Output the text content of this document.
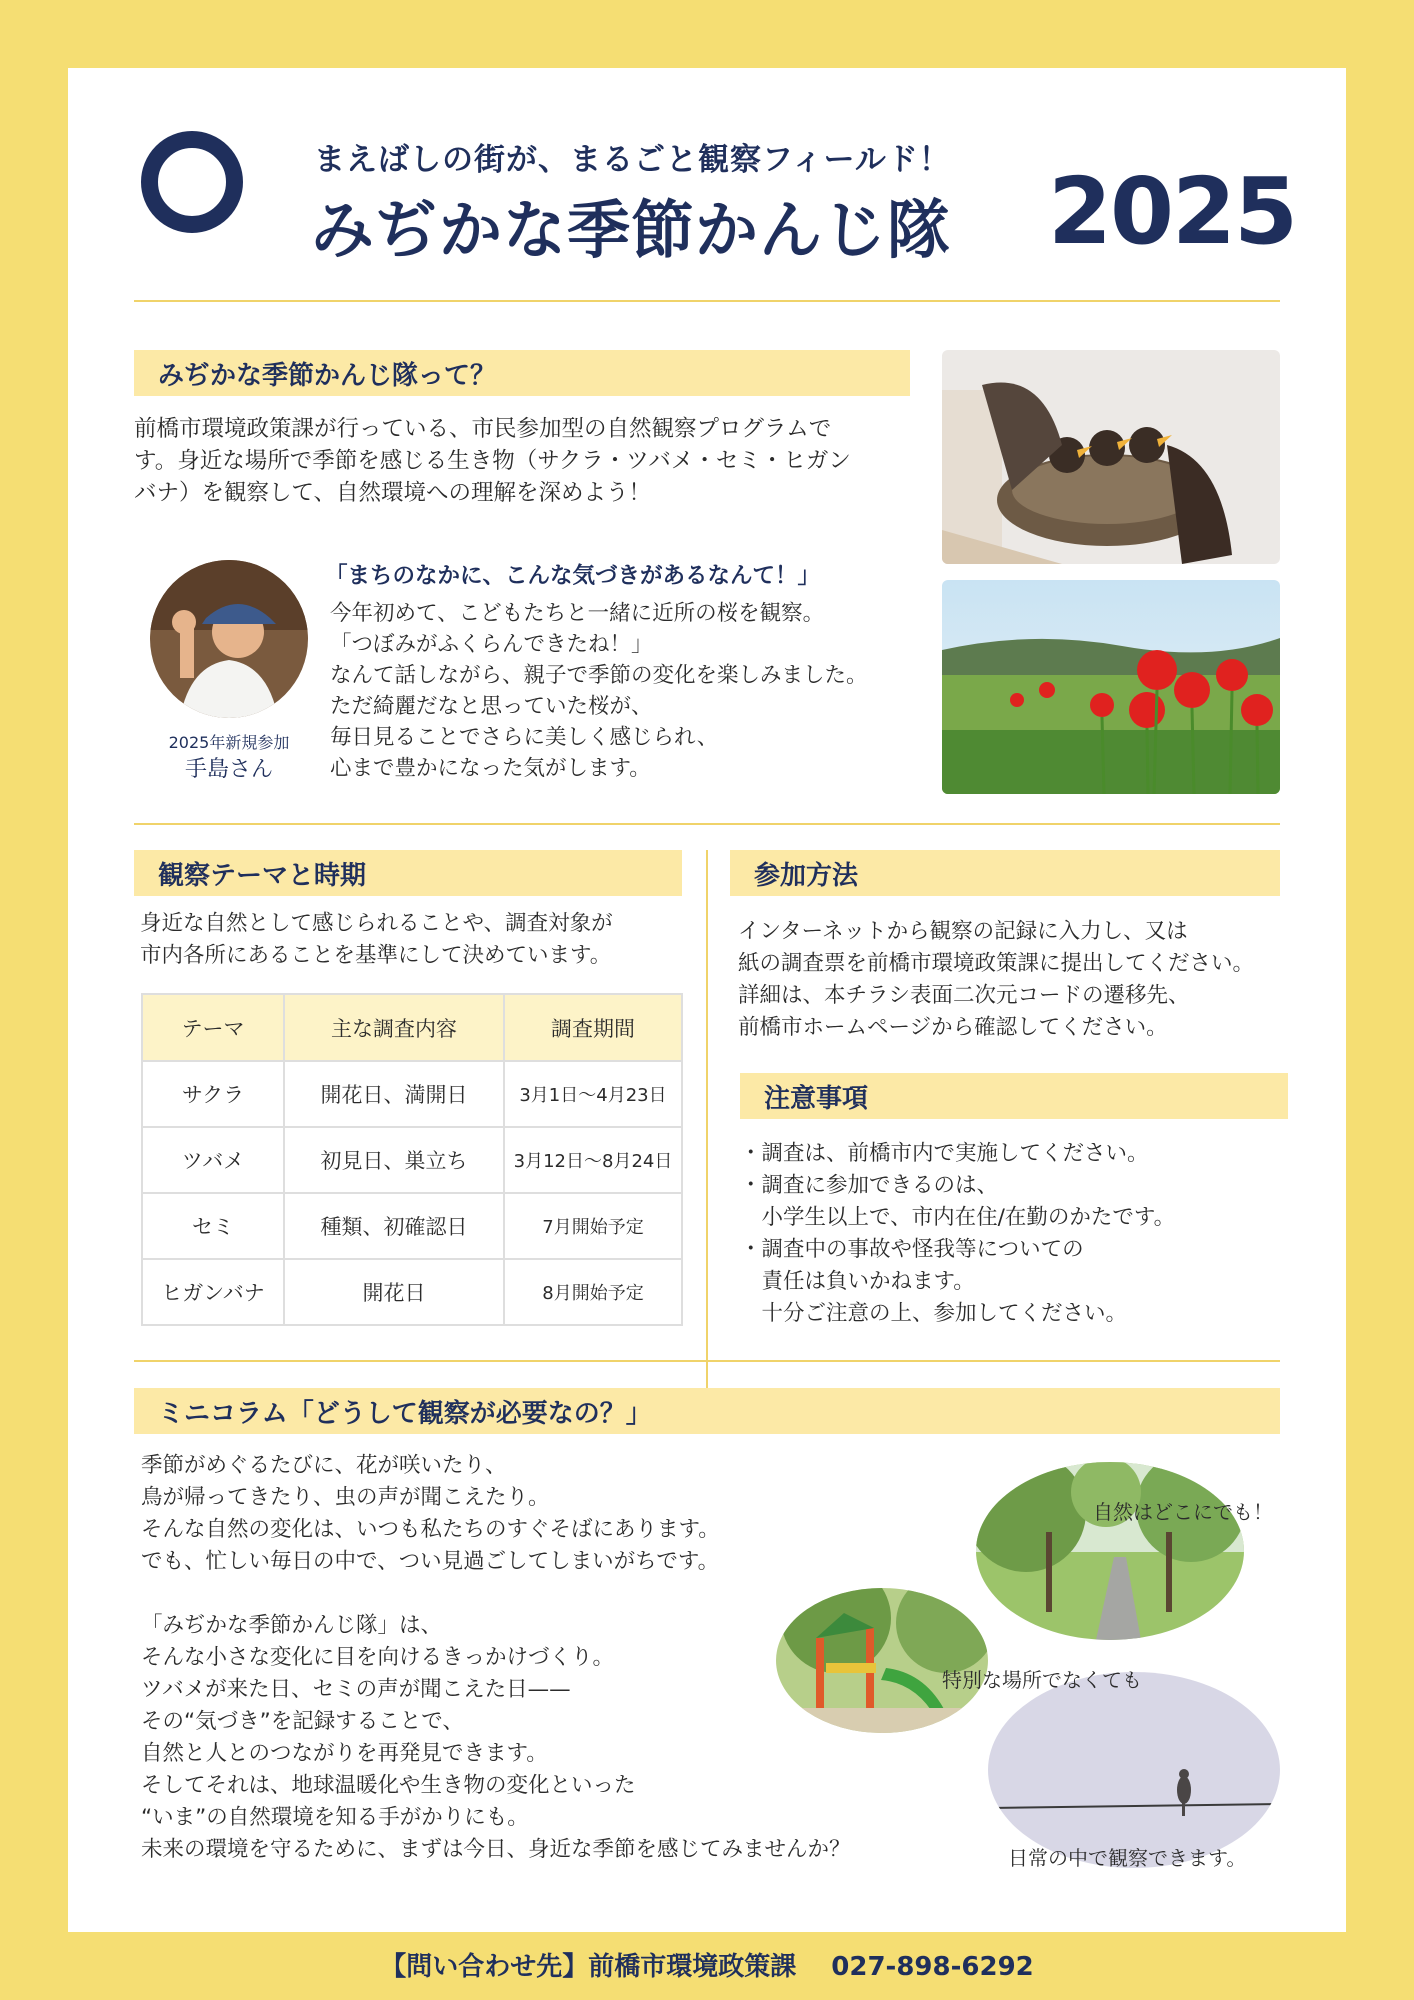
まえばしの街が、まるごと観察フィールド！
みぢかな季節かんじ隊 2025
みぢかな季節かんじ隊って？
前橋市環境政策課が行っている、市民参加型の自然観察プログラムで
す。身近な場所で季節を感じる生き物（サクラ・ツバメ・セミ・ヒガン
バナ）を観察して、自然環境への理解を深めよう！
2025年新規参加
手島さん
「まちのなかに、こんな気づきがあるなんて！」
今年初めて、こどもたちと一緒に近所の桜を観察。
「つぼみがふくらんできたね！」
なんて話しながら、親子で季節の変化を楽しみました。
ただ綺麗だなと思っていた桜が、
毎日見ることでさらに美しく感じられ、
心まで豊かになった気がします。
観察テーマと時期
身近な自然として感じられることや、調査対象が
市内各所にあることを基準にして決めています。
テーマ	主な調査内容	調査期間
サクラ	開花日、満開日	3月1日～4月23日
ツバメ	初見日、巣立ち	3月12日～8月24日
セミ	種類、初確認日	7月開始予定
ヒガンバナ	開花日	8月開始予定
参加方法
インターネットから観察の記録に入力し、又は
紙の調査票を前橋市環境政策課に提出してください。
詳細は、本チラシ表面二次元コードの遷移先、
前橋市ホームページから確認してください。
注意事項
・調査は、前橋市内で実施してください。
・調査に参加できるのは、
　小学生以上で、市内在住/在勤のかたです。
・調査中の事故や怪我等についての
　責任は負いかねます。
　十分ご注意の上、参加してください。
ミニコラム「どうして観察が必要なの？」
季節がめぐるたびに、花が咲いたり、
鳥が帰ってきたり、虫の声が聞こえたり。
そんな自然の変化は、いつも私たちのすぐそばにあります。
でも、忙しい毎日の中で、つい見過ごしてしまいがちです。

「みぢかな季節かんじ隊」は、
そんな小さな変化に目を向けるきっかけづくり。
ツバメが来た日、セミの声が聞こえた日——
その“気づき”を記録することで、
自然と人とのつながりを再発見できます。
そしてそれは、地球温暖化や生き物の変化といった
“いま”の自然環境を知る手がかりにも。
未来の環境を守るために、まずは今日、身近な季節を感じてみませんか？
自然はどこにでも！
特別な場所でなくても
日常の中で観察できます。
【問い合わせ先】前橋市環境政策課　 027-898-6292
